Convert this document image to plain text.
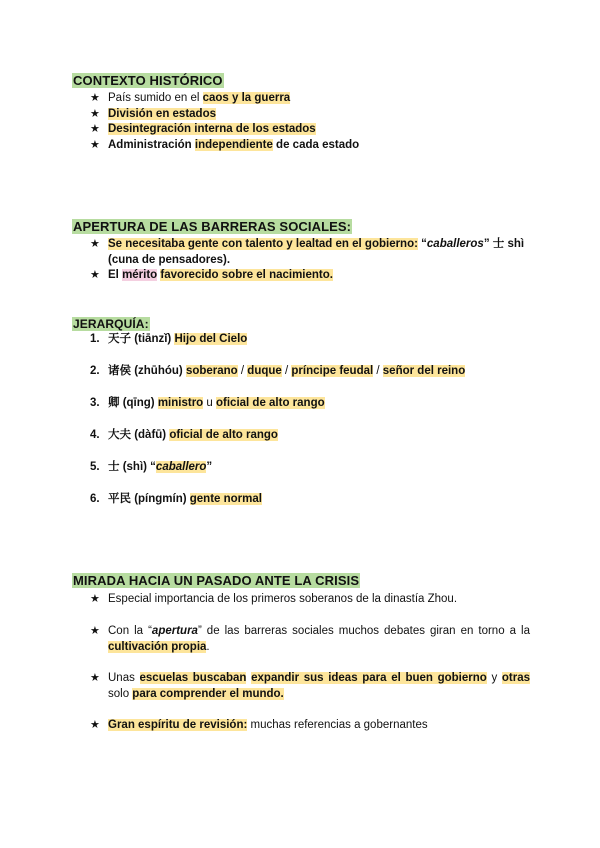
CONTEXTO HISTÓRICO
★ País sumido en el caos y la guerra
★ División en estados
★ Desintegración interna de los estados
★ Administración independiente de cada estado
APERTURA DE LAS BARRERAS SOCIALES:
★ Se necesitaba gente con talento y lealtad en el gobierno: “caballeros” 士 shì (cuna de pensadores).
★ El mérito favorecido sobre el nacimiento.
JERARQUÍA:
1. 天子 (tiānzǐ) Hijo del Cielo
2. 诸侯 (zhūhóu) soberano / duque / príncipe feudal / señor del reino
3. 卿 (qīng) ministro u oficial de alto rango
4. 大夫 (dàfū) oficial de alto rango
5. 士 (shì) “caballero”
6. 平民 (píngmín) gente normal
MIRADA HACIA UN PASADO ANTE LA CRISIS
★ Especial importancia de los primeros soberanos de la dinastía Zhou.
★ Con la “apertura” de las barreras sociales muchos debates giran en torno a la cultivación propia.
★ Unas escuelas buscaban expandir sus ideas para el buen gobierno y otras solo para comprender el mundo.
★ Gran espíritu de revisión: muchas referencias a gobernantes
